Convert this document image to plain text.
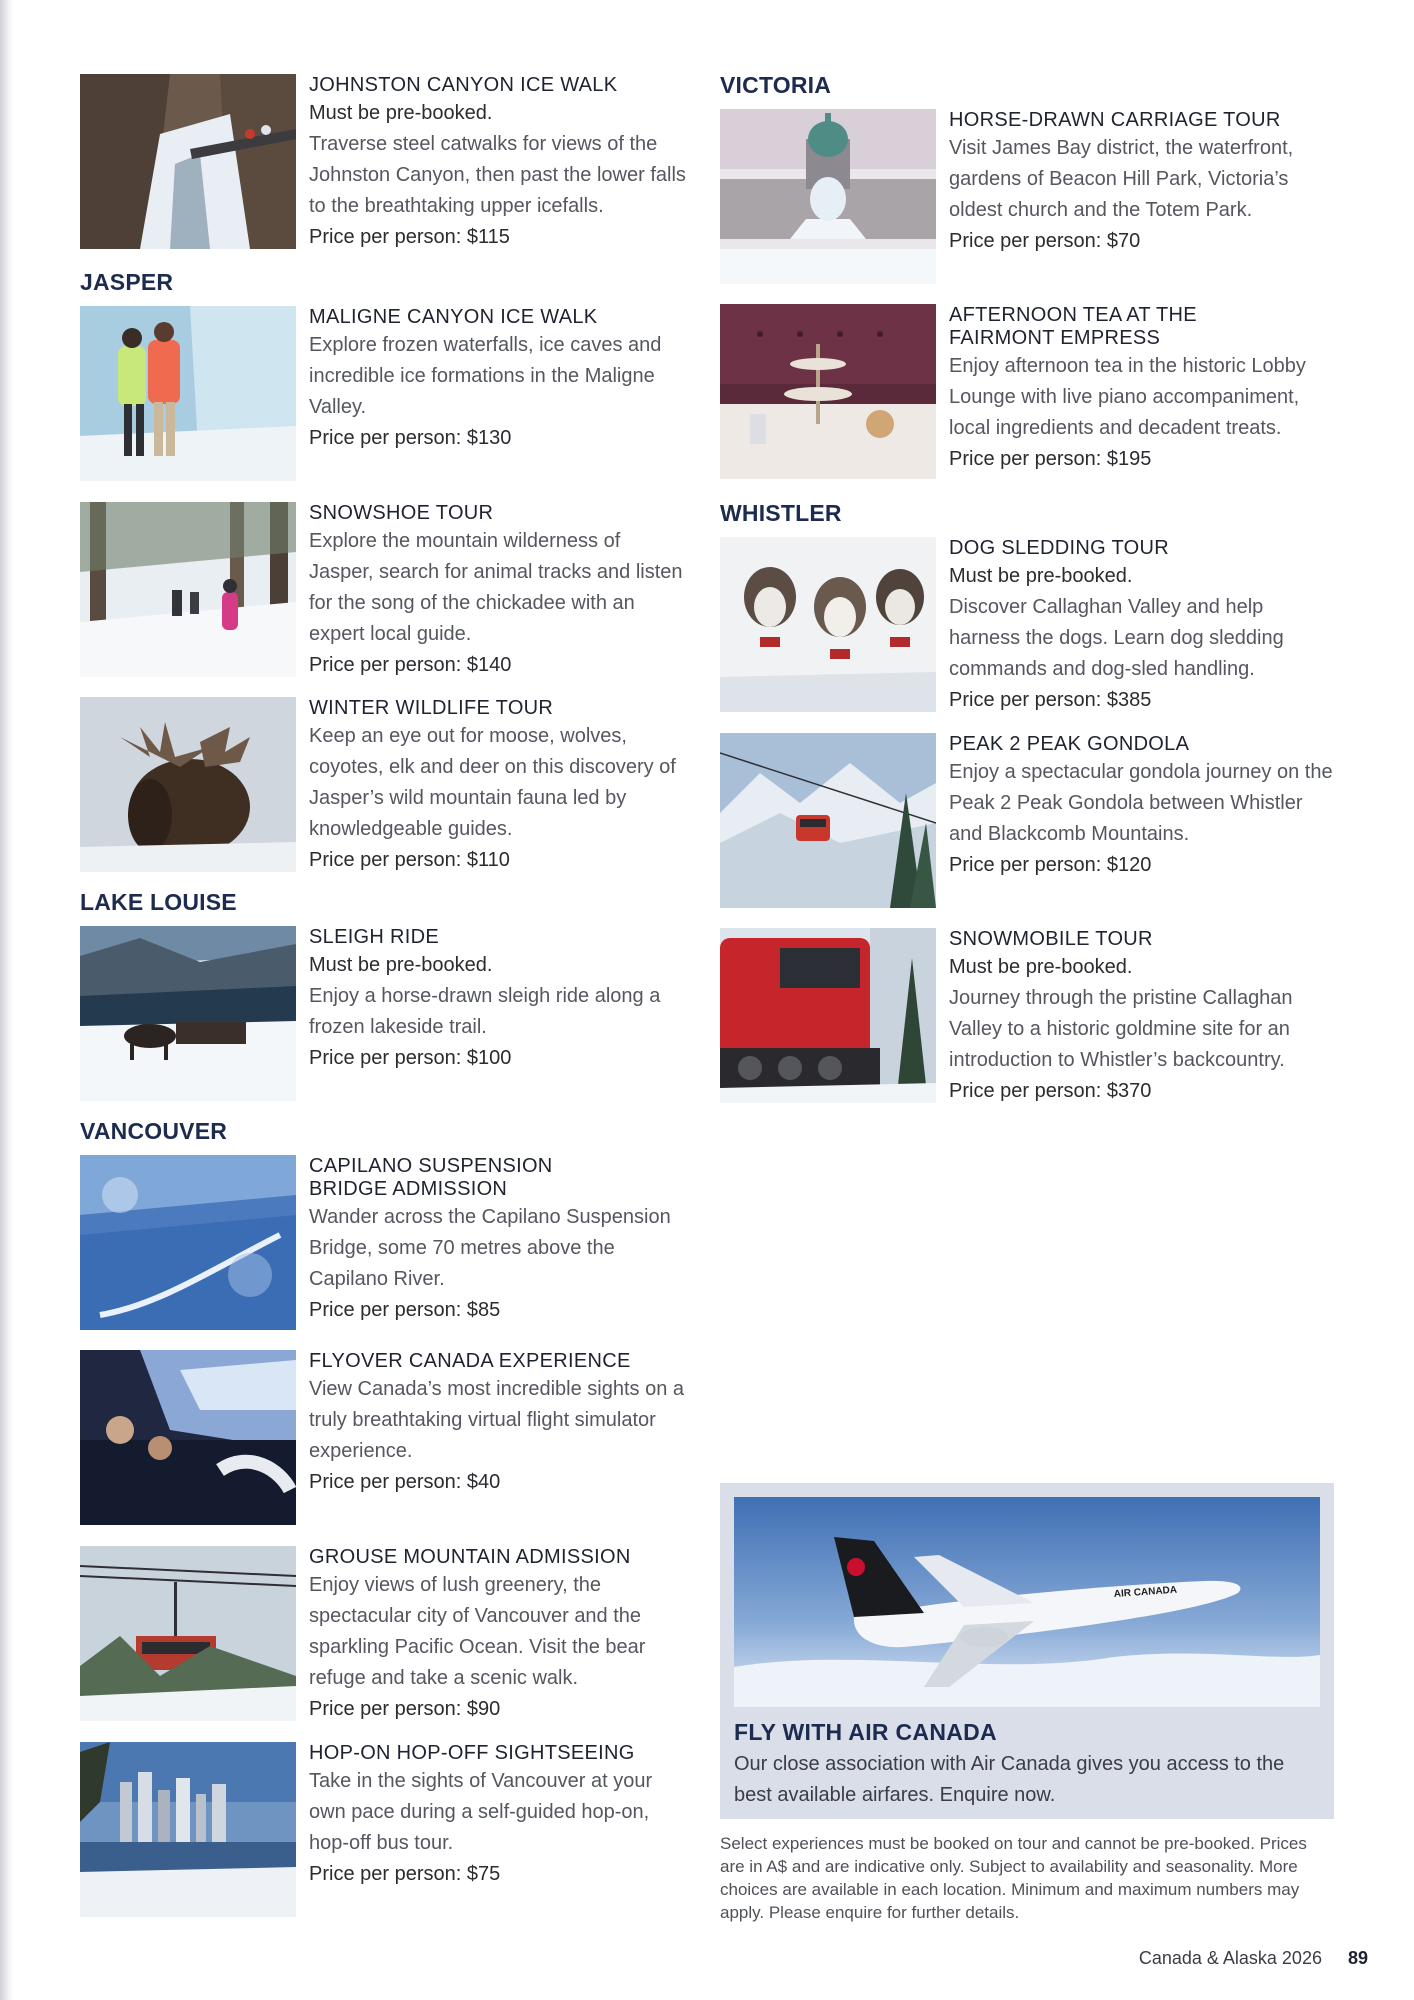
JOHNSTON CANYON ICE WALK
Must be pre-booked.
Traverse steel catwalks for views of the Johnston Canyon, then past the lower falls to the breathtaking upper icefalls.
Price per person: $115
JASPER
MALIGNE CANYON ICE WALK
Explore frozen waterfalls, ice caves and incredible ice formations in the Maligne Valley.
Price per person: $130
SNOWSHOE TOUR
Explore the mountain wilderness of Jasper, search for animal tracks and listen for the song of the chickadee with an expert local guide.
Price per person: $140
WINTER WILDLIFE TOUR
Keep an eye out for moose, wolves, coyotes, elk and deer on this discovery of Jasper’s wild mountain fauna led by knowledgeable guides.
Price per person: $110
LAKE LOUISE
SLEIGH RIDE
Must be pre-booked.
Enjoy a horse-drawn sleigh ride along a frozen lakeside trail.
Price per person: $100
VANCOUVER
CAPILANO SUSPENSION BRIDGE ADMISSION
Wander across the Capilano Suspension Bridge, some 70 metres above the Capilano River.
Price per person: $85
FLYOVER CANADA EXPERIENCE
View Canada’s most incredible sights on a truly breathtaking virtual flight simulator experience.
Price per person: $40
GROUSE MOUNTAIN ADMISSION
Enjoy views of lush greenery, the spectacular city of Vancouver and the sparkling Pacific Ocean. Visit the bear refuge and take a scenic walk.
Price per person: $90
HOP-ON HOP-OFF SIGHTSEEING
Take in the sights of Vancouver at your own pace during a self-guided hop-on, hop-off bus tour.
Price per person: $75
VICTORIA
HORSE-DRAWN CARRIAGE TOUR
Visit James Bay district, the waterfront, gardens of Beacon Hill Park, Victoria’s oldest church and the Totem Park.
Price per person: $70
AFTERNOON TEA AT THE FAIRMONT EMPRESS
Enjoy afternoon tea in the historic Lobby Lounge with live piano accompaniment, local ingredients and decadent treats.
Price per person: $195
WHISTLER
DOG SLEDDING TOUR
Must be pre-booked.
Discover Callaghan Valley and help harness the dogs. Learn dog sledding commands and dog-sled handling.
Price per person: $385
PEAK 2 PEAK GONDOLA
Enjoy a spectacular gondola journey on the Peak 2 Peak Gondola between Whistler and Blackcomb Mountains.
Price per person: $120
SNOWMOBILE TOUR
Must be pre-booked.
Journey through the pristine Callaghan Valley to a historic goldmine site for an introduction to Whistler’s backcountry.
Price per person: $370
AIR CANADA
FLY WITH AIR CANADA
Our close association with Air Canada gives you access to the best available airfares. Enquire now.
Select experiences must be booked on tour and cannot be pre-booked. Prices are in A$ and are indicative only. Subject to availability and seasonality. More choices are available in each location. Minimum and maximum numbers may apply. Please enquire for further details.
Canada & Alaska 2026 89
